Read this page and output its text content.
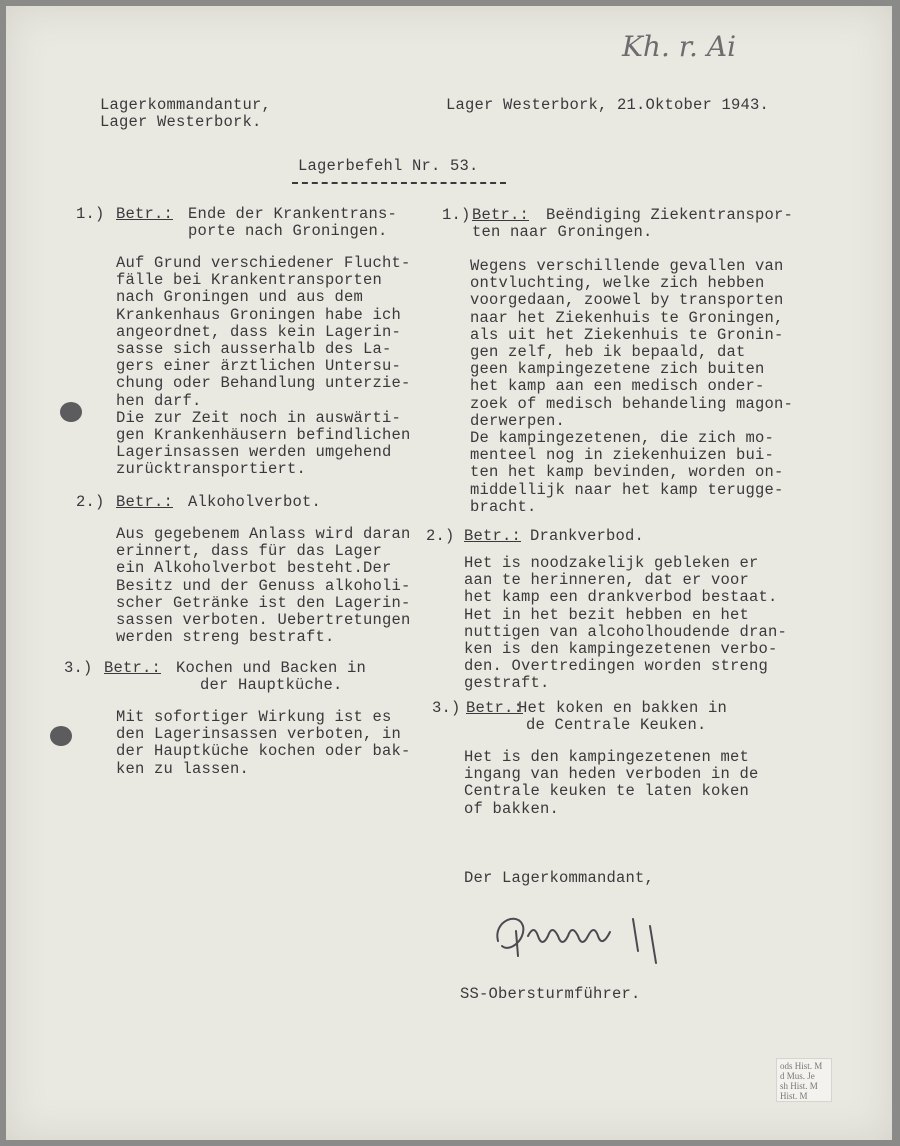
Lagerkommandantur,
Lager Westerbork.
Lager Westerbork, 21.Oktober 1943.
Kh. r. Ai
Lagerbefehl Nr. 53.
1.) Betr.: Ende der Krankentrans-
porte nach Groningen.
Auf Grund verschiedener Flucht-
fälle bei Krankentransporten
nach Groningen und aus dem
Krankenhaus Groningen habe ich
angeordnet, dass kein Lagerin-
sasse sich ausserhalb des La-
gers einer ärztlichen Untersu-
chung oder Behandlung unterzie-
hen darf.
Die zur Zeit noch in auswärti-
gen Krankenhäusern befindlichen
Lagerinsassen werden umgehend
zurücktransportiert.
2.) Betr.: Alkoholverbot.
Aus gegebenem Anlass wird daran
erinnert, dass für das Lager
ein Alkoholverbot besteht.Der
Besitz und der Genuss alkoholi-
scher Getränke ist den Lagerin-
sassen verboten. Uebertretungen
werden streng bestraft.
3.) Betr.: Kochen und Backen in
der Hauptküche.
Mit sofortiger Wirkung ist es
den Lagerinsassen verboten, in
der Hauptküche kochen oder bak-
ken zu lassen.
1.) Betr.: Beëndiging Ziekentranspor-
ten naar Groningen.
Wegens verschillende gevallen van
ontvluchting, welke zich hebben
voorgedaan, zoowel by transporten
naar het Ziekenhuis te Groningen,
als uit het Ziekenhuis te Gronin-
gen zelf, heb ik bepaald, dat
geen kampingezetene zich buiten
het kamp aan een medisch onder-
zoek of medisch behandeling magon-
derwerpen.
De kampingezetenen, die zich mo-
menteel nog in ziekenhuizen bui-
ten het kamp bevinden, worden on-
middellijk naar het kamp terugge-
bracht.
2.) Betr.: Drankverbod.
Het is noodzakelijk gebleken er
aan te herinneren, dat er voor
het kamp een drankverbod bestaat.
Het in het bezit hebben en het
nuttigen van alcoholhoudende dran-
ken is den kampingezetenen verbo-
den. Overtredingen worden streng
gestraft.
3.) Betr.:
Het koken en bakken in
de Centrale Keuken.
Het is den kampingezetenen met
ingang van heden verboden in de
Centrale keuken te laten koken
of bakken.
Der Lagerkommandant,
SS-Obersturmführer.
ods Hist. M
d Mus. Je
sh Hist. M
Hist. M
